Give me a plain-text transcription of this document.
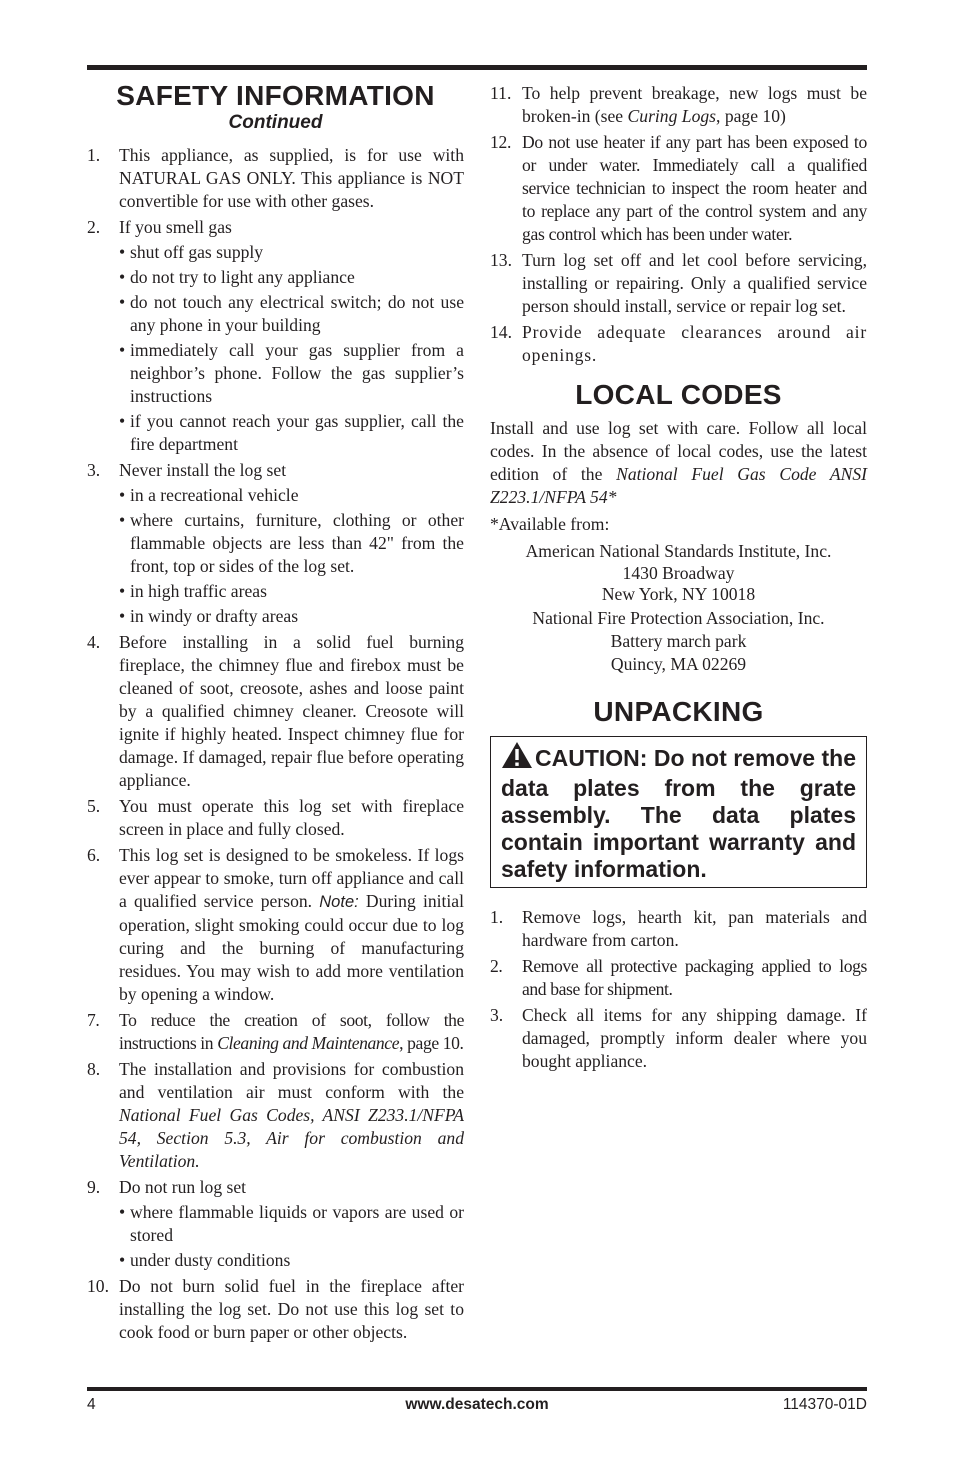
SAFETY INFORMATION
Continued
1. This appliance, as supplied, is for use with NATURAL GAS ONLY. This appliance is NOT convertible for use with other gases.
2. If you smell gas
• shut off gas supply
• do not try to light any appliance
• do not touch any electrical switch; do not use any phone in your building
• immediately call your gas supplier from a neighbor’s phone. Follow the gas supplier’s instructions
• if you cannot reach your gas supplier, call the fire department
3. Never install the log set
• in a recreational vehicle
• where curtains, furniture, clothing or other flammable objects are less than 42" from the front, top or sides of the log set.
• in high traffic areas
• in windy or drafty areas
4. Before installing in a solid fuel burning fireplace, the chimney flue and firebox must be cleaned of soot, creosote, ashes and loose paint by a qualified chimney cleaner. Creosote will ignite if highly heated. Inspect chimney flue for damage. If damaged, repair flue before operating appliance.
5. You must operate this log set with fireplace screen in place and fully closed.
6. This log set is designed to be smokeless. If logs ever appear to smoke, turn off appliance and call a qualified service person. Note: During initial operation, slight smoking could occur due to log curing and the burning of manufacturing residues. You may wish to add more ventilation by opening a window.
7. To reduce the creation of soot, follow the instructions in Cleaning and Maintenance, page 10.
8. The installation and provisions for combustion and ventilation air must conform with the National Fuel Gas Codes, ANSI Z233.1/NFPA 54, Section 5.3, Air for combustion and Ventilation.
9. Do not run log set
• where flammable liquids or vapors are used or stored
• under dusty conditions
10. Do not burn solid fuel in the fireplace after installing the log set. Do not use this log set to cook food or burn paper or other objects.
11. To help prevent breakage, new logs must be broken-in (see Curing Logs, page 10)
12. Do not use heater if any part has been exposed to or under water. Immediately call a qualified service technician to inspect the room heater and to replace any part of the control system and any gas control which has been under water.
13. Turn log set off and let cool before servicing, installing or repairing. Only a qualified service person should install, service or repair log set.
14. Provide adequate clearances around air openings.
LOCAL CODES

Install and use log set with care. Follow all local codes. In the absence of local codes, use the latest edition of the National Fuel Gas Code ANSI Z223.1/NFPA 54*

*Available from:

American National Standards Institute, Inc.
1430 Broadway
New York, NY 10018
National Fire Protection Association, Inc.
Battery march park
Quincy, MA 02269
UNPACKING
CAUTION: Do not remove the data plates from the grate assembly. The data plates contain important warranty and safety information.
1. Remove logs, hearth kit, pan materials and hardware from carton.
2. Remove all protective packaging applied to logs and base for shipment.
3. Check all items for any shipping damage. If damaged, promptly inform dealer where you bought appliance.
4	www.desatech.com	114370-01D
